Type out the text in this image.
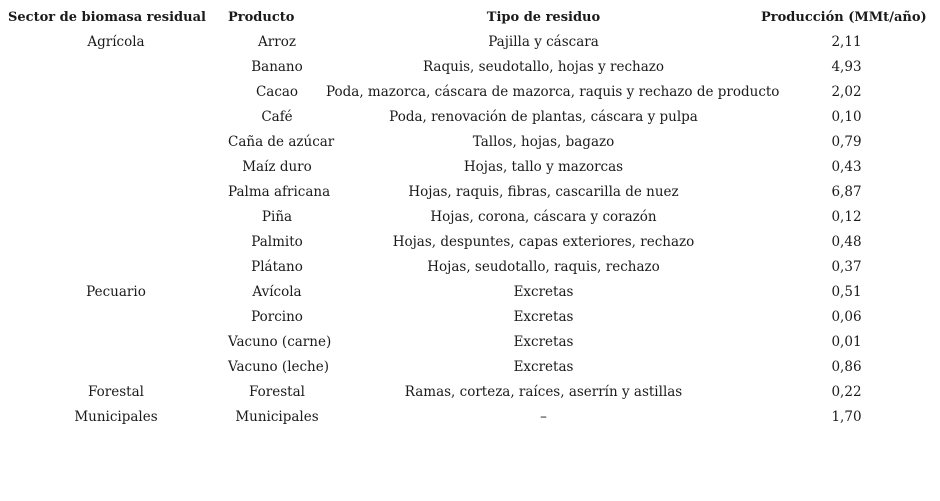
Sector de biomasa residual	Producto	Tipo de residuo	Producción (MMt/año)
Agrícola	Arroz	Pajilla y cáscara	2,11
	Banano	Raquis, seudotallo, hojas y rechazo	4,93
	Cacao	Poda, mazorca, cáscara de mazorca, raquis y rechazo de producto	2,02
	Café	Poda, renovación de plantas, cáscara y pulpa	0,10
	Caña de azúcar	Tallos, hojas, bagazo	0,79
	Maíz duro	Hojas, tallo y mazorcas	0,43
	Palma africana	Hojas, raquis, fibras, cascarilla de nuez	6,87
	Piña	Hojas, corona, cáscara y corazón	0,12
	Palmito	Hojas, despuntes, capas exteriores, rechazo	0,48
	Plátano	Hojas, seudotallo, raquis, rechazo	0,37
Pecuario	Avícola	Excretas	0,51
	Porcino	Excretas	0,06
	Vacuno (carne)	Excretas	0,01
	Vacuno (leche)	Excretas	0,86
Forestal	Forestal	Ramas, corteza, raíces, aserrín y astillas	0,22
Municipales	Municipales	–	1,70
